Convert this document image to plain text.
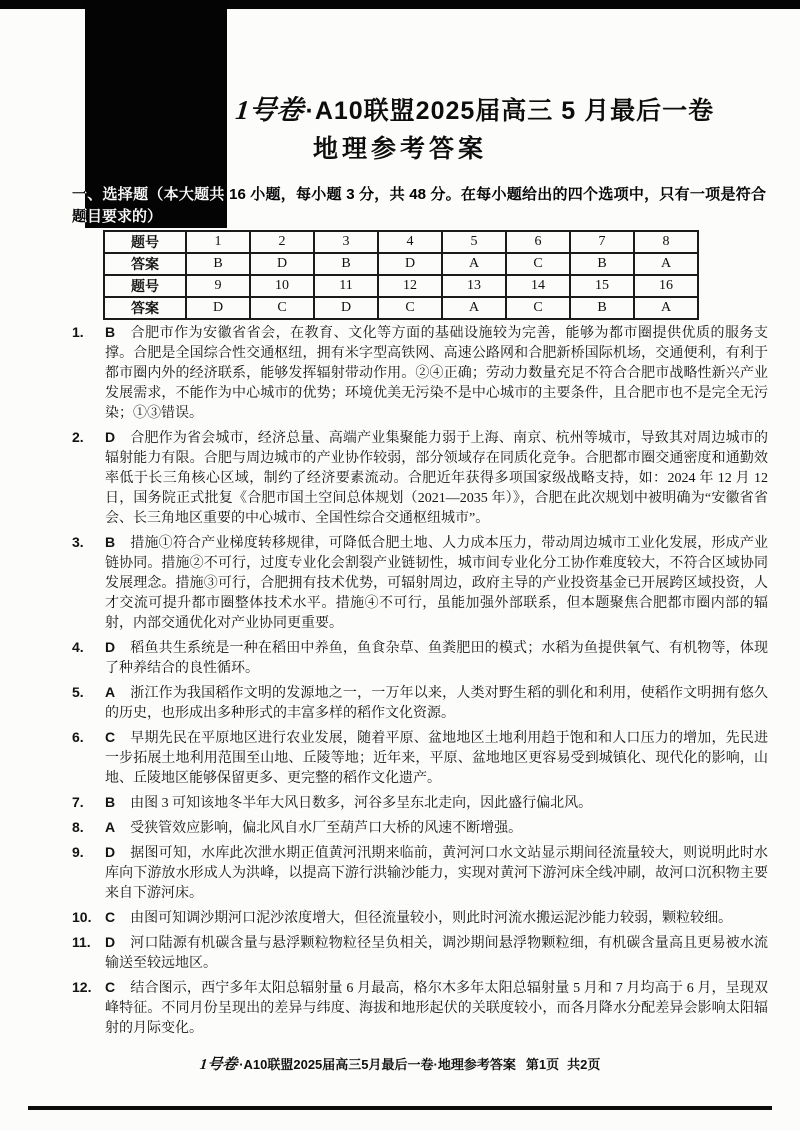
1号卷·A10联盟2025届高三 5 月最后一卷
地理参考答案
一、选择题（本大题共 16 小题，每小题 3 分，共 48 分。在每小题给出的四个选项中，只有一项是符合题目要求的）
题号	1	2	3	4	5	6	7	8
答案	B	D	B	D	A	C	B	A
题号	9	10	11	12	13	14	15	16
答案	D	C	D	C	A	C	B	A
1.	B 合肥市作为安徽省省会，在教育、文化等方面的基础设施较为完善，能够为都市圈提供优质的服务支撑。合肥是全国综合性交通枢纽，拥有米字型高铁网、高速公路网和合肥新桥国际机场，交通便利，有利于都市圈内外的经济联系，能够发挥辐射带动作用。②④正确；劳动力数量充足不符合合肥市战略性新兴产业发展需求，不能作为中心城市的优势；环境优美无污染不是中心城市的主要条件，且合肥市也不是完全无污染；①③错误。
2.	D 合肥作为省会城市，经济总量、高端产业集聚能力弱于上海、南京、杭州等城市，导致其对周边城市的辐射能力有限。合肥与周边城市的产业协作较弱，部分领域存在同质化竞争。合肥都市圈交通密度和通勤效率低于长三角核心区域，制约了经济要素流动。合肥近年获得多项国家级战略支持，如：2024 年 12 月 12 日，国务院正式批复《合肥市国土空间总体规划（2021—2035 年）》，合肥在此次规划中被明确为“安徽省省会、长三角地区重要的中心城市、全国性综合交通枢纽城市”。
3.	B 措施①符合产业梯度转移规律，可降低合肥土地、人力成本压力，带动周边城市工业化发展，形成产业链协同。措施②不可行，过度专业化会割裂产业链韧性，城市间专业化分工协作难度较大，不符合区域协同发展理念。措施③可行，合肥拥有技术优势，可辐射周边，政府主导的产业投资基金已开展跨区域投资，人才交流可提升都市圈整体技术水平。措施④不可行，虽能加强外部联系，但本题聚焦合肥都市圈内部的辐射，内部交通优化对产业协同更重要。
4.	D 稻鱼共生系统是一种在稻田中养鱼，鱼食杂草、鱼粪肥田的模式；水稻为鱼提供氧气、有机物等，体现了种养结合的良性循环。
5.	A 浙江作为我国稻作文明的发源地之一，一万年以来，人类对野生稻的驯化和利用，使稻作文明拥有悠久的历史，也形成出多种形式的丰富多样的稻作文化资源。
6.	C 早期先民在平原地区进行农业发展，随着平原、盆地地区土地利用趋于饱和和人口压力的增加，先民进一步拓展土地利用范围至山地、丘陵等地；近年来，平原、盆地地区更容易受到城镇化、现代化的影响，山地、丘陵地区能够保留更多、更完整的稻作文化遗产。
7.	B 由图 3 可知该地冬半年大风日数多，河谷多呈东北走向，因此盛行偏北风。
8.	A 受狭管效应影响，偏北风自水厂至葫芦口大桥的风速不断增强。
9.	D 据图可知，水库此次泄水期正值黄河汛期来临前，黄河河口水文站显示期间径流量较大，则说明此时水库向下游放水形成人为洪峰，以提高下游行洪输沙能力，实现对黄河下游河床全线冲刷，故河口沉积物主要来自下游河床。
10. C 由图可知调沙期河口泥沙浓度增大，但径流量较小，则此时河流水搬运泥沙能力较弱，颗粒较细。
11.	D 河口陆源有机碳含量与悬浮颗粒物粒径呈负相关，调沙期间悬浮物颗粒细，有机碳含量高且更易被水流输送至较远地区。
12. C 结合图示，西宁多年太阳总辐射量 6 月最高，格尔木多年太阳总辐射量 5 月和 7 月均高于 6 月，呈现双峰特征。不同月份呈现出的差异与纬度、海拔和地形起伏的关联度较小，而各月降水分配差异会影响太阳辐射的月际变化。
1号卷·A10联盟2025届高三5月最后一卷·地理参考答案 第1页 共2页
